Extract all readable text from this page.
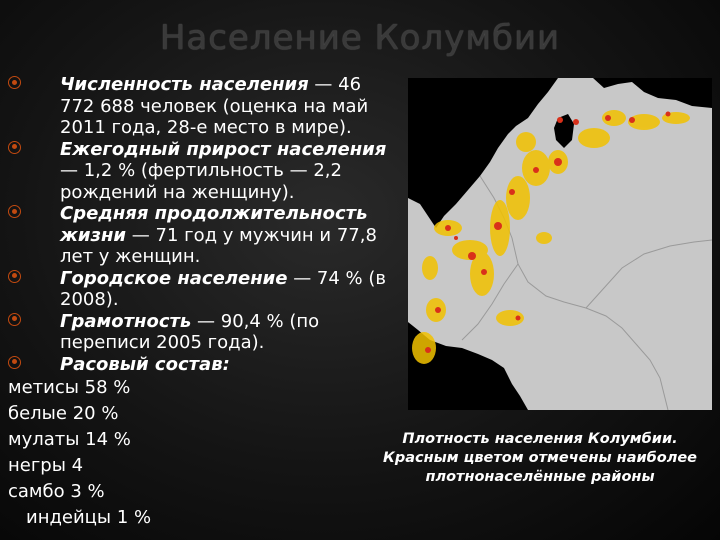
Население Колумбии
Численность населения — 46 772 688 человек (оценка на май 2011 года, 28-е место в мире).
Ежегодный прирост населения — 1,2 % (фертильность — 2,2 рождений на женщину).
Средняя продолжительность жизни — 71 год у мужчин и 77,8 лет у женщин.
Городское население — 74 % (в 2008).
Грамотность — 90,4 % (по переписи 2005 года).
Расовый состав:
метисы 58 %
белые 20 %
мулаты 14 %
негры 4
самбо 3 %
индейцы 1 %
Плотность населения Колумбии.
Красным цветом отмечены наиболее
плотнонаселённые районы
